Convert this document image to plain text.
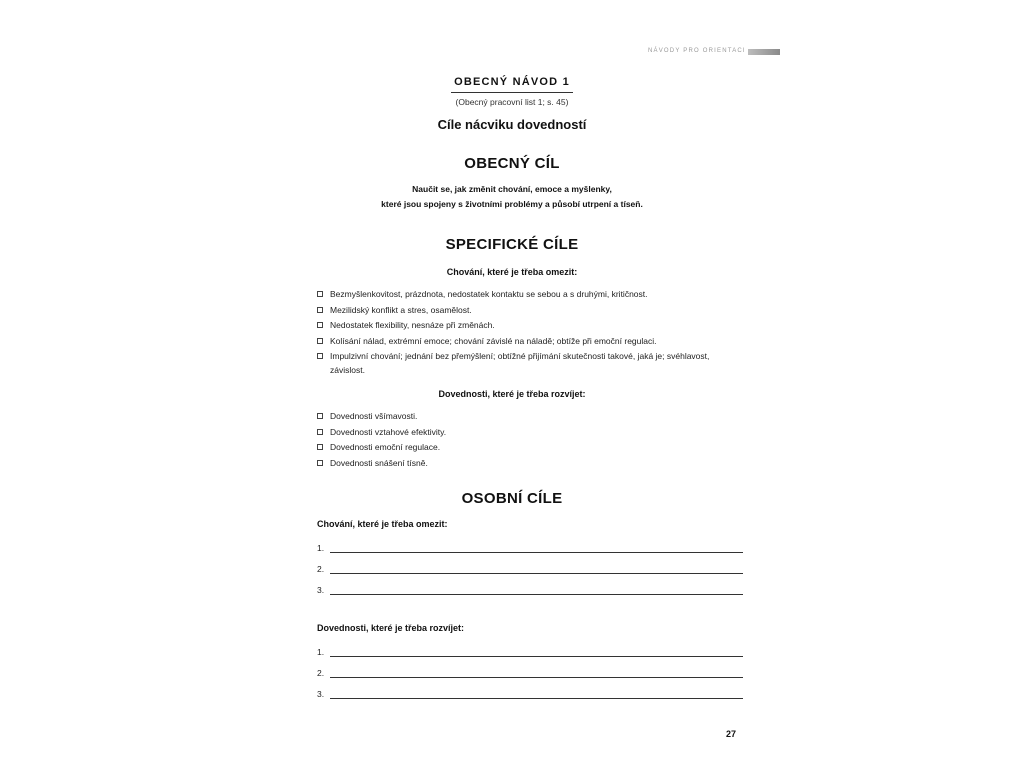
NÁVODY PRO ORIENTACI
OBECNÝ NÁVOD 1
(Obecný pracovní list 1; s. 45)
Cíle nácviku dovedností
OBECNÝ CÍL
Naučit se, jak změnit chování, emoce a myšlenky,
které jsou spojeny s životními problémy a působí utrpení a tíseň.
SPECIFICKÉ CÍLE
Chování, které je třeba omezit:
Bezmyšlenkovitost, prázdnota, nedostatek kontaktu se sebou a s druhými, kritičnost.
Mezilidský konflikt a stres, osamělost.
Nedostatek flexibility, nesnáze při změnách.
Kolísání nálad, extrémní emoce; chování závislé na náladě; obtíže při emoční regulaci.
Impulzivní chování; jednání bez přemýšlení; obtížné přijímání skutečnosti takové, jaká je; svéhlavost, závislost.
Dovednosti, které je třeba rozvíjet:
Dovednosti všímavosti.
Dovednosti vztahové efektivity.
Dovednosti emoční regulace.
Dovednosti snášení tísně.
OSOBNÍ CÍLE
Chování, které je třeba omezit:
1.
2.
3.
Dovednosti, které je třeba rozvíjet:
1.
2.
3.
27
